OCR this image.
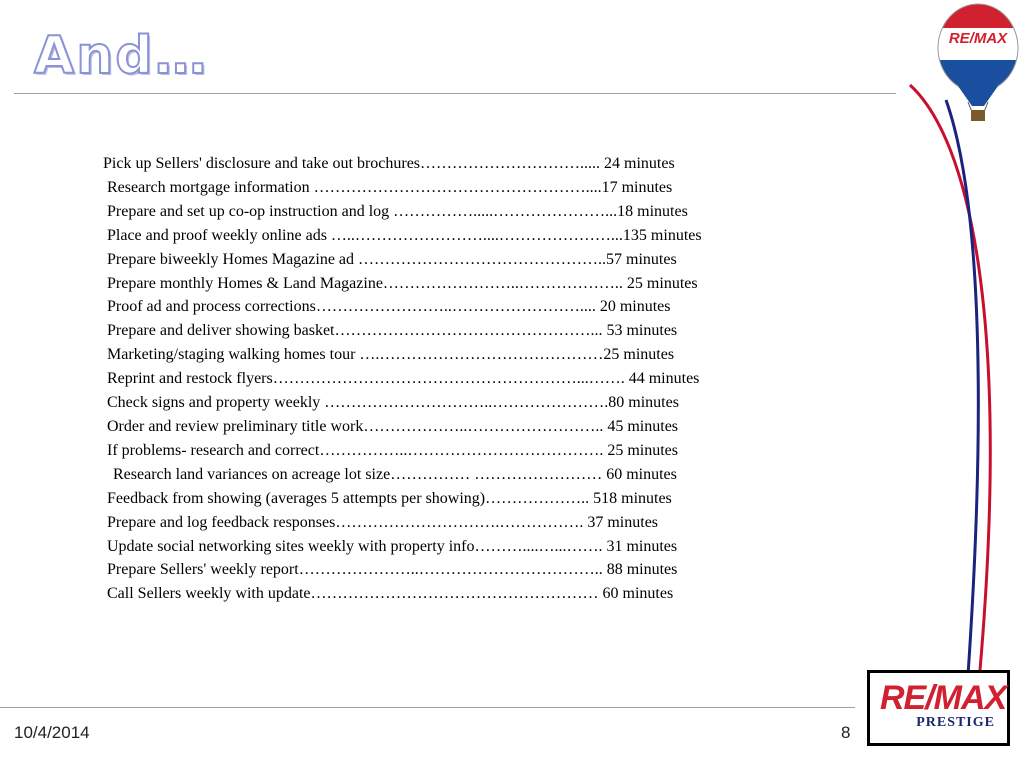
And…	RE/MAX
Pick up Sellers' disclosure and take out brochures…………………………..... 24 minutes
Research mortgage information ……………………………………………....17 minutes
Prepare and set up co-op instruction and log …………….....…………………...18 minutes
Place and proof weekly online ads …..……………………....…………………...135 minutes
Prepare biweekly Homes Magazine ad ………………………………………..57 minutes
Prepare monthly Homes & Land Magazine……………………..……………….. 25 minutes
Proof ad and process corrections……………………..…………………….... 20 minutes
Prepare and deliver showing basket…………………………………………... 53 minutes
Marketing/staging walking homes tour ….……………………………………25 minutes
Reprint and restock flyers…………………………………………………...……. 44 minutes
Check signs and property weekly …………………………..………………….80 minutes
Order and review preliminary title work………………..…………………….. 45 minutes
If problems- research and correct……………..………………………………. 25 minutes
Research land variances on acreage lot size…………… …………………… 60 minutes
Feedback from showing (averages 5 attempts per showing)……………….. 518 minutes
Prepare and log feedback responses………………………….……………. 37 minutes
Update social networking sites weekly with property info………....…...……. 31 minutes
Prepare Sellers' weekly report…………………..…………………………….. 88 minutes
Call Sellers weekly with update……………………………………………… 60 minutes
10/4/2014	8
RE/MAX
PRESTIGE
